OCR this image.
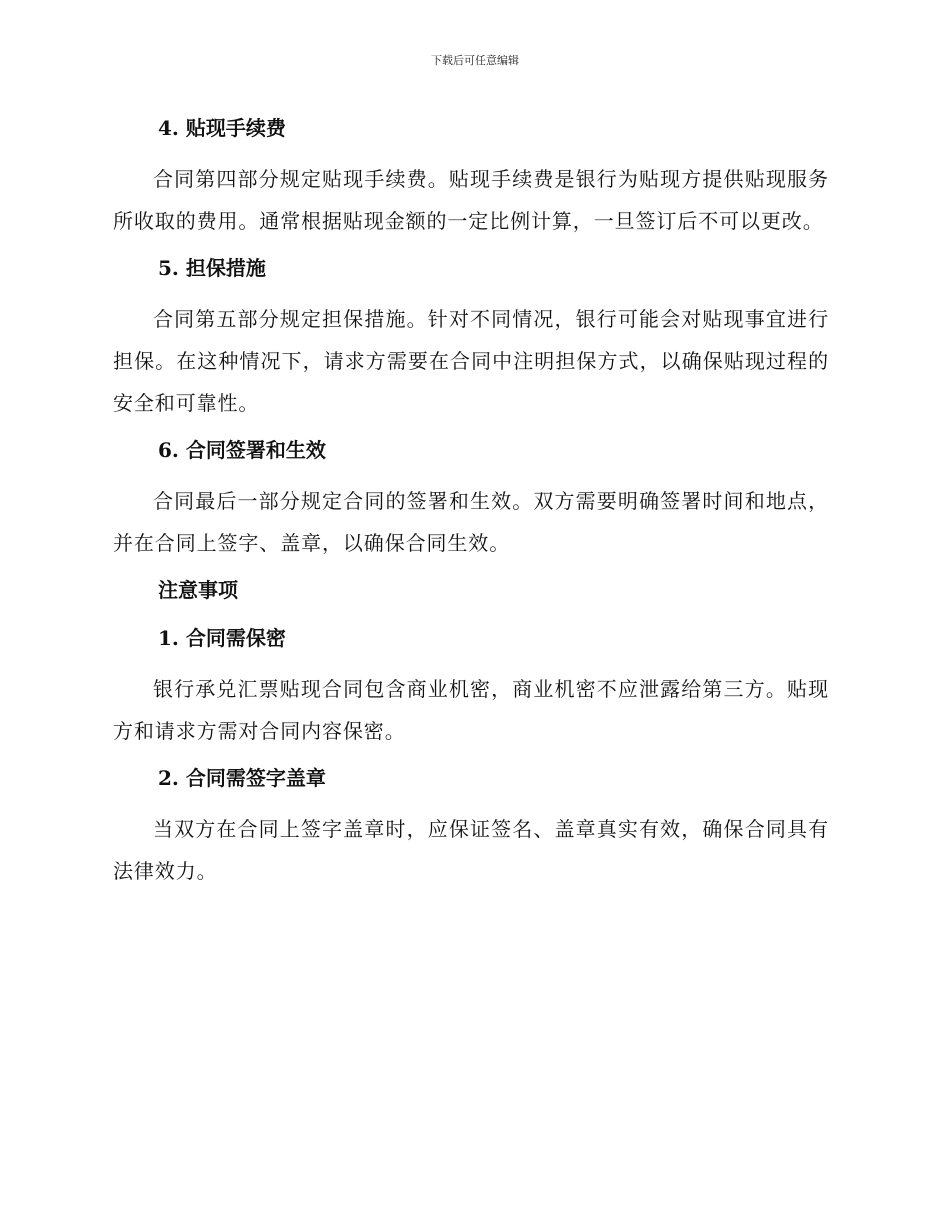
下载后可任意编辑
4. 贴现手续费

合同第四部分规定贴现手续费。贴现手续费是银行为贴现方提供贴现服务所收取的费用。通常根据贴现金额的一定比例计算，一旦签订后不可以更改。

5. 担保措施

合同第五部分规定担保措施。针对不同情况，银行可能会对贴现事宜进行担保。在这种情况下，请求方需要在合同中注明担保方式，以确保贴现过程的安全和可靠性。

6. 合同签署和生效

合同最后一部分规定合同的签署和生效。双方需要明确签署时间和地点，并在合同上签字、盖章，以确保合同生效。

注意事项
1. 合同需保密

银行承兑汇票贴现合同包含商业机密，商业机密不应泄露给第三方。贴现方和请求方需对合同内容保密。

2. 合同需签字盖章

当双方在合同上签字盖章时，应保证签名、盖章真实有效，确保合同具有法律效力。
